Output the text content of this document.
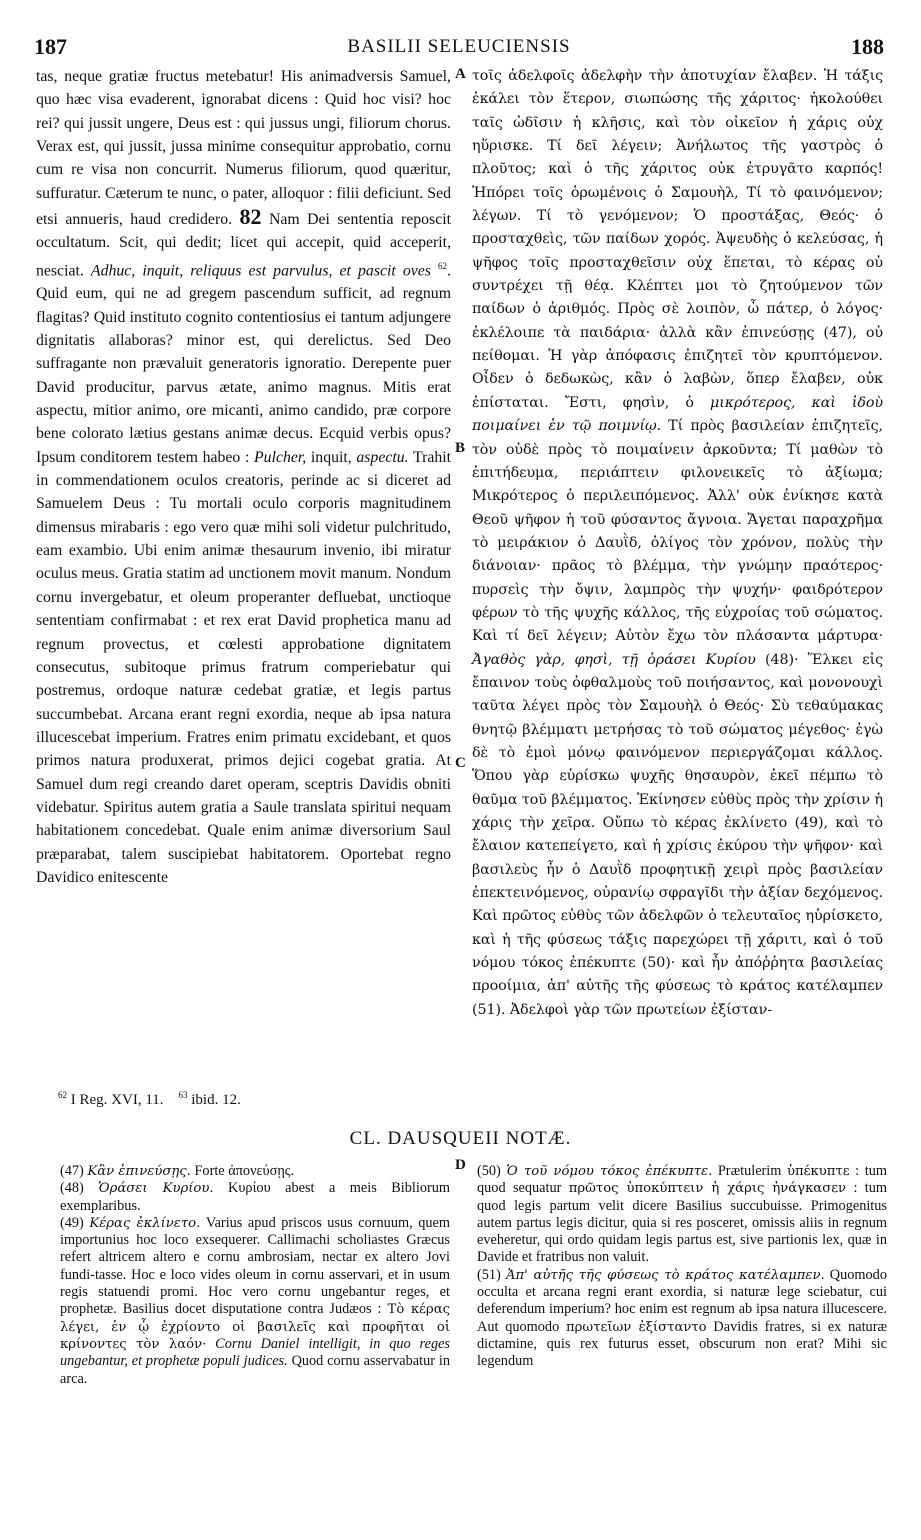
187	BASILII SELEUCIENSIS	188
A
B
C
D

tas, neque gratiæ fructus metebatur! His animadversis Samuel, quo hæc visa evaderent, ignorabat dicens : Quid hoc visi? hoc rei? qui jussit ungere, Deus est : qui jussus ungi, filiorum chorus. Verax est, qui jussit, jussa minime consequitur approbatio, cornu cum re visa non concurrit. Numerus filiorum, quod quæritur, suffuratur. Cæterum te nunc, o pater, alloquor : filii deficiunt. Sed etsi annueris, haud credidero. 82 Nam Dei sententia reposcit occultatum. Scit, qui dedit; licet qui accepit, quid acceperit, nesciat. Adhuc, inquit, reliquus est parvulus, et pascit oves $^{62}$. Quid eum, qui ne ad gregem pascendum sufficit, ad regnum flagitas? Quid instituto cognito contentiosius ei tantum adjungere dignitatis allaboras? minor est, qui derelictus. Sed Deo suffragante non prævaluit generatoris ignoratio. Derepente puer David producitur, parvus ætate, animo magnus. Mitis erat aspectu, mitior animo, ore micanti, animo candido, præ corpore bene colorato lætius gestans animæ decus. Ecquid verbis opus? Ipsum conditorem testem habeo : Pulcher, inquit, aspectu. Trahit in commendationem oculos creatoris, perinde ac si diceret ad Samuelem Deus : Tu mortali oculo corporis magnitudinem dimensus mirabaris : ego vero quæ mihi soli videtur pulchritudo, eam exambio. Ubi enim animæ thesaurum invenio, ibi miratur oculus meus. Gratia statim ad unctionem movit manum. Nondum cornu invergebatur, et oleum properanter defluebat, unctioque sententiam confirmabat : et rex erat David prophetica manu ad regnum provectus, et cœlesti approbatione dignitatem consecutus, subitoque primus fratrum comperiebatur qui postremus, ordoque naturæ cedebat gratiæ, et legis partus succumbebat. Arcana erant regni exordia, neque ab ipsa natura illucescebat imperium. Fratres enim primatu excidebant, et quos primos natura produxerat, primos dejici cogebat gratia. At Samuel dum regi creando daret operam, sceptris Davidis obniti videbatur. Spiritus autem gratia a Saule translata spiritui nequam habitationem concedebat. Quale enim animæ diversorium Saul præparabat, talem suscipiebat habitatorem. Oportebat regno Davidico enitescente

τοῖς ἀδελφοῖς ἀδελφὴν τὴν ἀποτυχίαν ἔλαβεν. Ἡ τάξις ἐκάλει τὸν ἕτερον, σιωπώσης τῆς χάριτος· ἠκολούθει ταῖς ὠδῖσιν ἡ κλῆσις, καὶ τὸν οἰκεῖον ἡ χάρις οὐχ ηὕρισκε. Τί δεῖ λέγειν; Ἀνήλωτος τῆς γαστρὸς ὁ πλοῦτος; καὶ ὁ τῆς χάριτος οὐκ ἐτρυγᾶτο καρπός! Ἠπόρει τοῖς ὁρωμένοις ὁ Σαμουὴλ, Τί τὸ φαινόμενον; λέγων. Τί τὸ γενόμενον; Ὁ προστάξας, Θεός· ὁ προσταχθεὶς, τῶν παίδων χορός. Ἀψευδὴς ὁ κελεύσας, ἡ ψῆφος τοῖς προσταχθεῖσιν οὐχ ἕπεται, τὸ κέρας οὐ συντρέχει τῇ θέᾳ. Κλέπτει μοι τὸ ζητούμενον τῶν παίδων ὁ ἀριθμός. Πρὸς σὲ λοιπὸν, ὦ πάτερ, ὁ λόγος· ἐκλέλοιπε τὰ παιδάρια· ἀλλὰ κἂν ἐπινεύσῃς (47), οὐ πείθομαι. Ἡ γὰρ ἀπόφασις ἐπιζητεῖ τὸν κρυπτόμενον. Οἶδεν ὁ δεδωκὼς, κἂν ὁ λαβὼν, ὅπερ ἔλαβεν, οὐκ ἐπίσταται. Ἔστι, φησὶν, ὁ μικρότερος, καὶ ἰδοὺ ποιμαίνει ἐν τῷ ποιμνίῳ. Τί πρὸς βασιλείαν ἐπιζητεῖς, τὸν οὐδὲ πρὸς τὸ ποιμαίνειν ἀρκοῦντα; Τί μαθὼν τὸ ἐπιτήδευμα, περιάπτειν φιλονεικεῖς τὸ ἀξίωμα; Μικρότερος ὁ περιλειπόμενος. Ἀλλ' οὐκ ἐνίκησε κατὰ Θεοῦ ψῆφον ἡ τοῦ φύσαντος ἄγνοια. Ἄγεται παραχρῆμα τὸ μειράκιον ὁ Δαυῒδ, ὀλίγος τὸν χρόνον, πολὺς τὴν διάνοιαν· πρᾶος τὸ βλέμμα, τὴν γνώμην πραότερος· πυρσεὶς τὴν ὄψιν, λαμπρὸς τὴν ψυχήν· φαιδρότερον φέρων τὸ τῆς ψυχῆς κάλλος, τῆς εὐχροίας τοῦ σώματος. Καὶ τί δεῖ λέγειν; Αὐτὸν ἔχω τὸν πλάσαντα μάρτυρα· Ἀγαθὸς γὰρ, φησὶ, τῇ ὁράσει Κυρίου (48)· Ἕλκει εἰς ἔπαινον τοὺς ὀφθαλμοὺς τοῦ ποιήσαντος, καὶ μονονουχὶ ταῦτα λέγει πρὸς τὸν Σαμουὴλ ὁ Θεός· Σὺ τεθαύμακας θνητῷ βλέμματι μετρήσας τὸ τοῦ σώματος μέγεθος· ἐγὼ δὲ τὸ ἐμοὶ μόνῳ φαινόμενον περιεργάζομαι κάλλος. Ὅπου γὰρ εὑρίσκω ψυχῆς θησαυρὸν, ἐκεῖ πέμπω τὸ θαῦμα τοῦ βλέμματος. Ἐκίνησεν εὐθὺς πρὸς τὴν χρίσιν ἡ χάρις τὴν χεῖρα. Οὔπω τὸ κέρας ἐκλίνετο (49), καὶ τὸ ἔλαιον κατεπείγετο, καὶ ἡ χρίσις ἐκύρου τὴν ψῆφον· καὶ βασιλεὺς ἦν ὁ Δαυῒδ προφητικῇ χειρὶ πρὸς βασιλείαν ἐπεκτεινόμενος, οὐρανίῳ σφραγῖδι τὴν ἀξίαν δεχόμενος. Καὶ πρῶτος εὐθὺς τῶν ἀδελφῶν ὁ τελευταῖος ηὑρίσκετο, καὶ ἡ τῆς φύσεως τάξις παρεχώρει τῇ χάριτι, καὶ ὁ τοῦ νόμου τόκος ἐπέκυπτε (50)· καὶ ἦν ἀπόῤῥητα βασιλείας προοίμια, ἀπ' αὐτῆς τῆς φύσεως τὸ κράτος κατέλαμπεν (51). Ἀδελφοὶ γὰρ τῶν πρωτείων ἐξίσταν-

$^{62}$ I Reg. XVI, 11. $^{63}$ ibid. 12.
CL. DAUSQUEII NOTÆ.

(47) Κἂν ἐπινεύσῃς. Forte ἀπονεύσῃς.

(48) Ὁράσει Κυρίου. Κυρίου abest a meis Bibliorum exemplaribus.

(49) Κέρας ἐκλίνετο. Varius apud priscos usus cornuum, quem importunius hoc loco exsequerer. Callimachi scholiastes Græcus refert altricem altero e cornu ambrosiam, nectar ex altero Jovi fundi-tasse. Hoc e loco vides oleum in cornu asservari, et in usum regis statuendi promi. Hoc vero cornu ungebantur reges, et prophetæ. Basilius docet disputatione contra Judæos : Τὸ κέρας λέγει, ἐν ᾧ ἐχρίοντο οἱ βασιλεῖς καὶ προφῆται οἱ κρίνοντες τὸν λαόν· Cornu Daniel intelligit, in quo reges ungebantur, et prophetæ populi judices. Quod cornu asservabatur in arca.

(50) Ὁ τοῦ νόμου τόκος ἐπέκυπτε. Prætulerim ὑπέκυπτε : tum quod sequatur πρῶτος ὑποκύπτειν ἡ χάρις ἠνάγκασεν : tum quod legis partum velit dicere Basilius succubuisse. Primogenitus autem partus legis dicitur, quia si res posceret, omissis aliis in regnum eveheretur, qui ordo quidam legis partus est, sive partionis lex, quæ in Davide et fratribus non valuit.

(51) Ἀπ' αὐτῆς τῆς φύσεως τὸ κράτος κατέλαμπεν. Quomodo occulta et arcana regni erant exordia, si naturæ lege sciebatur, cui deferendum imperium? hoc enim est regnum ab ipsa natura illucescere. Aut quomodo πρωτεῖων ἐξίσταντο Davidis fratres, si ex naturæ dictamine, quis rex futurus esset, obscurum non erat? Mihi sic legendum
